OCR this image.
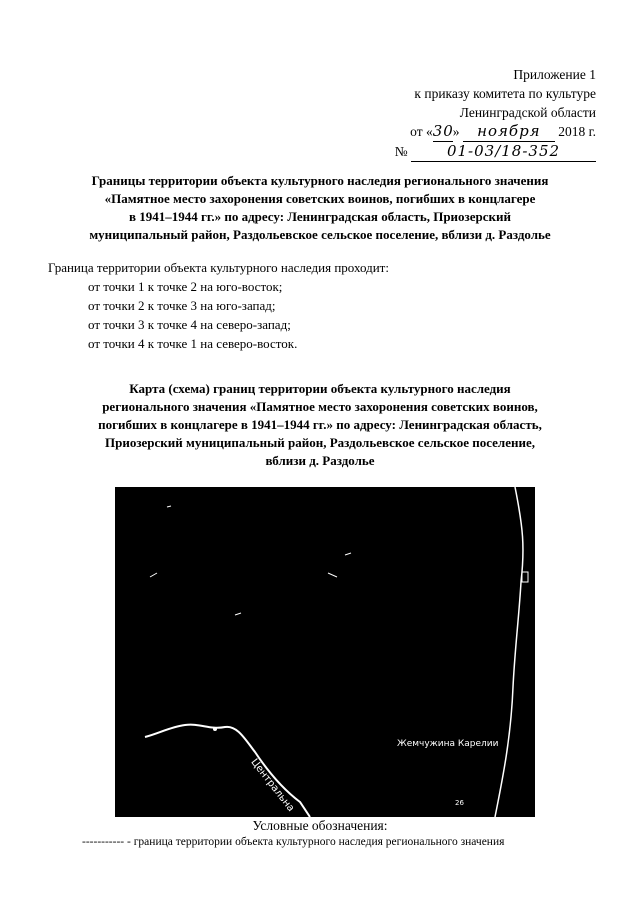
Приложение 1
к приказу комитета по культуре
Ленинградской области
от «30» ноября 2018 г.
№	01-03/18-352
Границы территории объекта культурного наследия регионального значения
«Памятное место захоронения советских воинов, погибших в концлагере
в 1941–1944 гг.» по адресу: Ленинградская область, Приозерский
муниципальный район, Раздольевское сельское поселение, вблизи д. Раздолье
Граница территории объекта культурного наследия проходит:
от точки 1 к точке 2 на юго-восток;
от точки 2 к точке 3 на юго-запад;
от точки 3 к точке 4 на северо-запад;
от точки 4 к точке 1 на северо-восток.
Карта (схема) границ территории объекта культурного наследия
регионального значения «Памятное место захоронения советских воинов,
погибших в концлагере в 1941–1944 гг.» по адресу: Ленинградская область,
Приозерский муниципальный район, Раздольевское сельское поселение,
вблизи д. Раздолье
Жемчужина Карелии
Центральна	26
Условные обозначения:
----------- - граница территории объекта культурного наследия регионального значения
